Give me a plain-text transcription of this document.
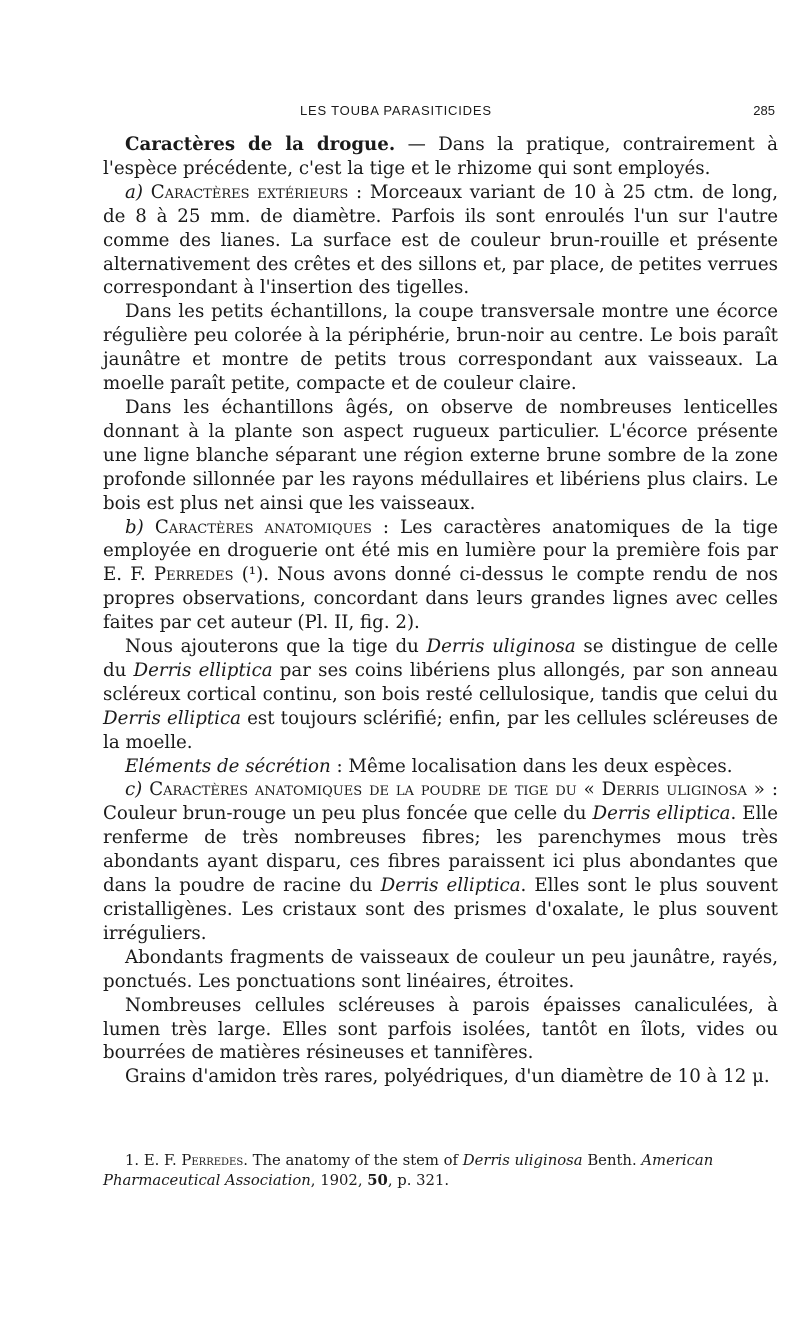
LES TOUBA PARASITICIDES	285

Caractères de la drogue. — Dans la pratique, contrairement à l'espèce précédente, c'est la tige et le rhizome qui sont employés.

a) Caractères extérieurs : Morceaux variant de 10 à 25 ctm. de long, de 8 à 25 mm. de diamètre. Parfois ils sont enroulés l'un sur l'autre comme des lianes. La surface est de couleur brun-rouille et présente alternativement des crêtes et des sillons et, par place, de petites verrues correspondant à l'insertion des tigelles.

Dans les petits échantillons, la coupe transversale montre une écorce régulière peu colorée à la périphérie, brun-noir au centre. Le bois paraît jaunâtre et montre de petits trous correspondant aux vaisseaux. La moelle paraît petite, compacte et de couleur claire.

Dans les échantillons âgés, on observe de nombreuses lenticelles donnant à la plante son aspect rugueux particulier. L'écorce présente une ligne blanche séparant une région externe brune sombre de la zone profonde sillonnée par les rayons médullaires et libériens plus clairs. Le bois est plus net ainsi que les vaisseaux.

b) Caractères anatomiques : Les caractères anatomiques de la tige employée en droguerie ont été mis en lumière pour la première fois par E. F. Perredes (¹). Nous avons donné ci-dessus le compte rendu de nos propres observations, concordant dans leurs grandes lignes avec celles faites par cet auteur (Pl. II, fig. 2).

Nous ajouterons que la tige du Derris uliginosa se distingue de celle du Derris elliptica par ses coins libériens plus allongés, par son anneau scléreux cortical continu, son bois resté cellulosique, tandis que celui du Derris elliptica est toujours sclérifié; enfin, par les cellules scléreuses de la moelle.

Eléments de sécrétion : Même localisation dans les deux espèces.

c) Caractères anatomiques de la poudre de tige du « Derris uliginosa » : Couleur brun-rouge un peu plus foncée que celle du Derris elliptica. Elle renferme de très nombreuses fibres; les parenchymes mous très abondants ayant disparu, ces fibres paraissent ici plus abondantes que dans la poudre de racine du Derris elliptica. Elles sont le plus souvent cristalligènes. Les cristaux sont des prismes d'oxalate, le plus souvent irréguliers.

Abondants fragments de vaisseaux de couleur un peu jaunâtre, rayés, ponctués. Les ponctuations sont linéaires, étroites.

Nombreuses cellules scléreuses à parois épaisses canaliculées, à lumen très large. Elles sont parfois isolées, tantôt en îlots, vides ou bourrées de matières résineuses et tannifères.

Grains d'amidon très rares, polyédriques, d'un diamètre de 10 à 12 μ.

1. E. F. Perredes. The anatomy of the stem of Derris uliginosa Benth. American Pharmaceutical Association, 1902, 50, p. 321.
